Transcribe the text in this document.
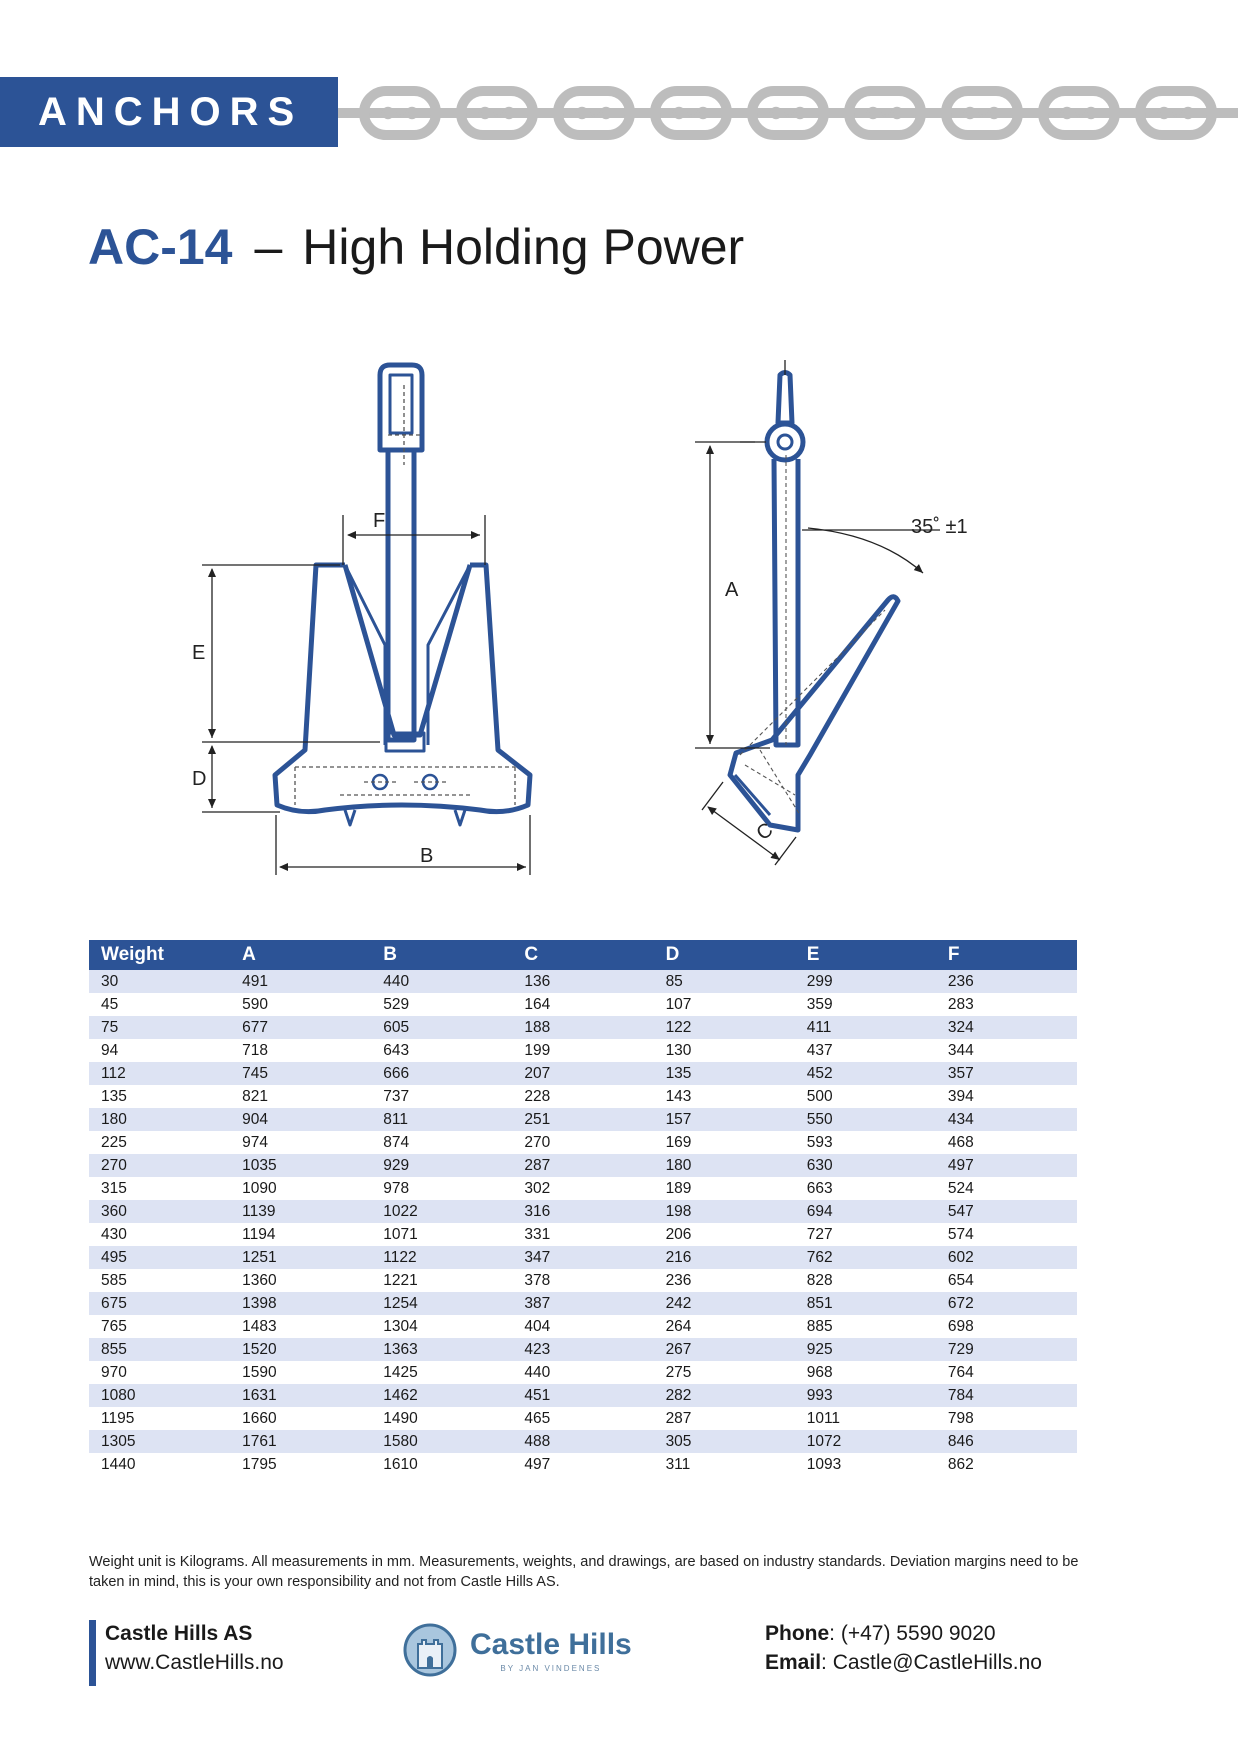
ANCHORS
AC-14 – High Holding Power
F
E
D
B
A
C
35˚ ±1
Weight	A	B	C	D	E	F
30	491	440	136	85	299	236
45	590	529	164	107	359	283
75	677	605	188	122	411	324
94	718	643	199	130	437	344
112	745	666	207	135	452	357
135	821	737	228	143	500	394
180	904	811	251	157	550	434
225	974	874	270	169	593	468
270	1035	929	287	180	630	497
315	1090	978	302	189	663	524
360	1139	1022	316	198	694	547
430	1194	1071	331	206	727	574
495	1251	1122	347	216	762	602
585	1360	1221	378	236	828	654
675	1398	1254	387	242	851	672
765	1483	1304	404	264	885	698
855	1520	1363	423	267	925	729
970	1590	1425	440	275	968	764
1080	1631	1462	451	282	993	784
1195	1660	1490	465	287	1011	798
1305	1761	1580	488	305	1072	846
1440	1795	1610	497	311	1093	862
Weight unit is Kilograms. All measurements in mm. Measurements, weights, and drawings, are based on industry standards. Deviation margins need to be taken in mind, this is your own responsibility and not from Castle Hills AS.
Castle Hills AS
www.CastleHills.no
Castle Hills
BY JAN VINDENES
Phone: (+47) 5590 9020
Email: Castle@CastleHills.no
